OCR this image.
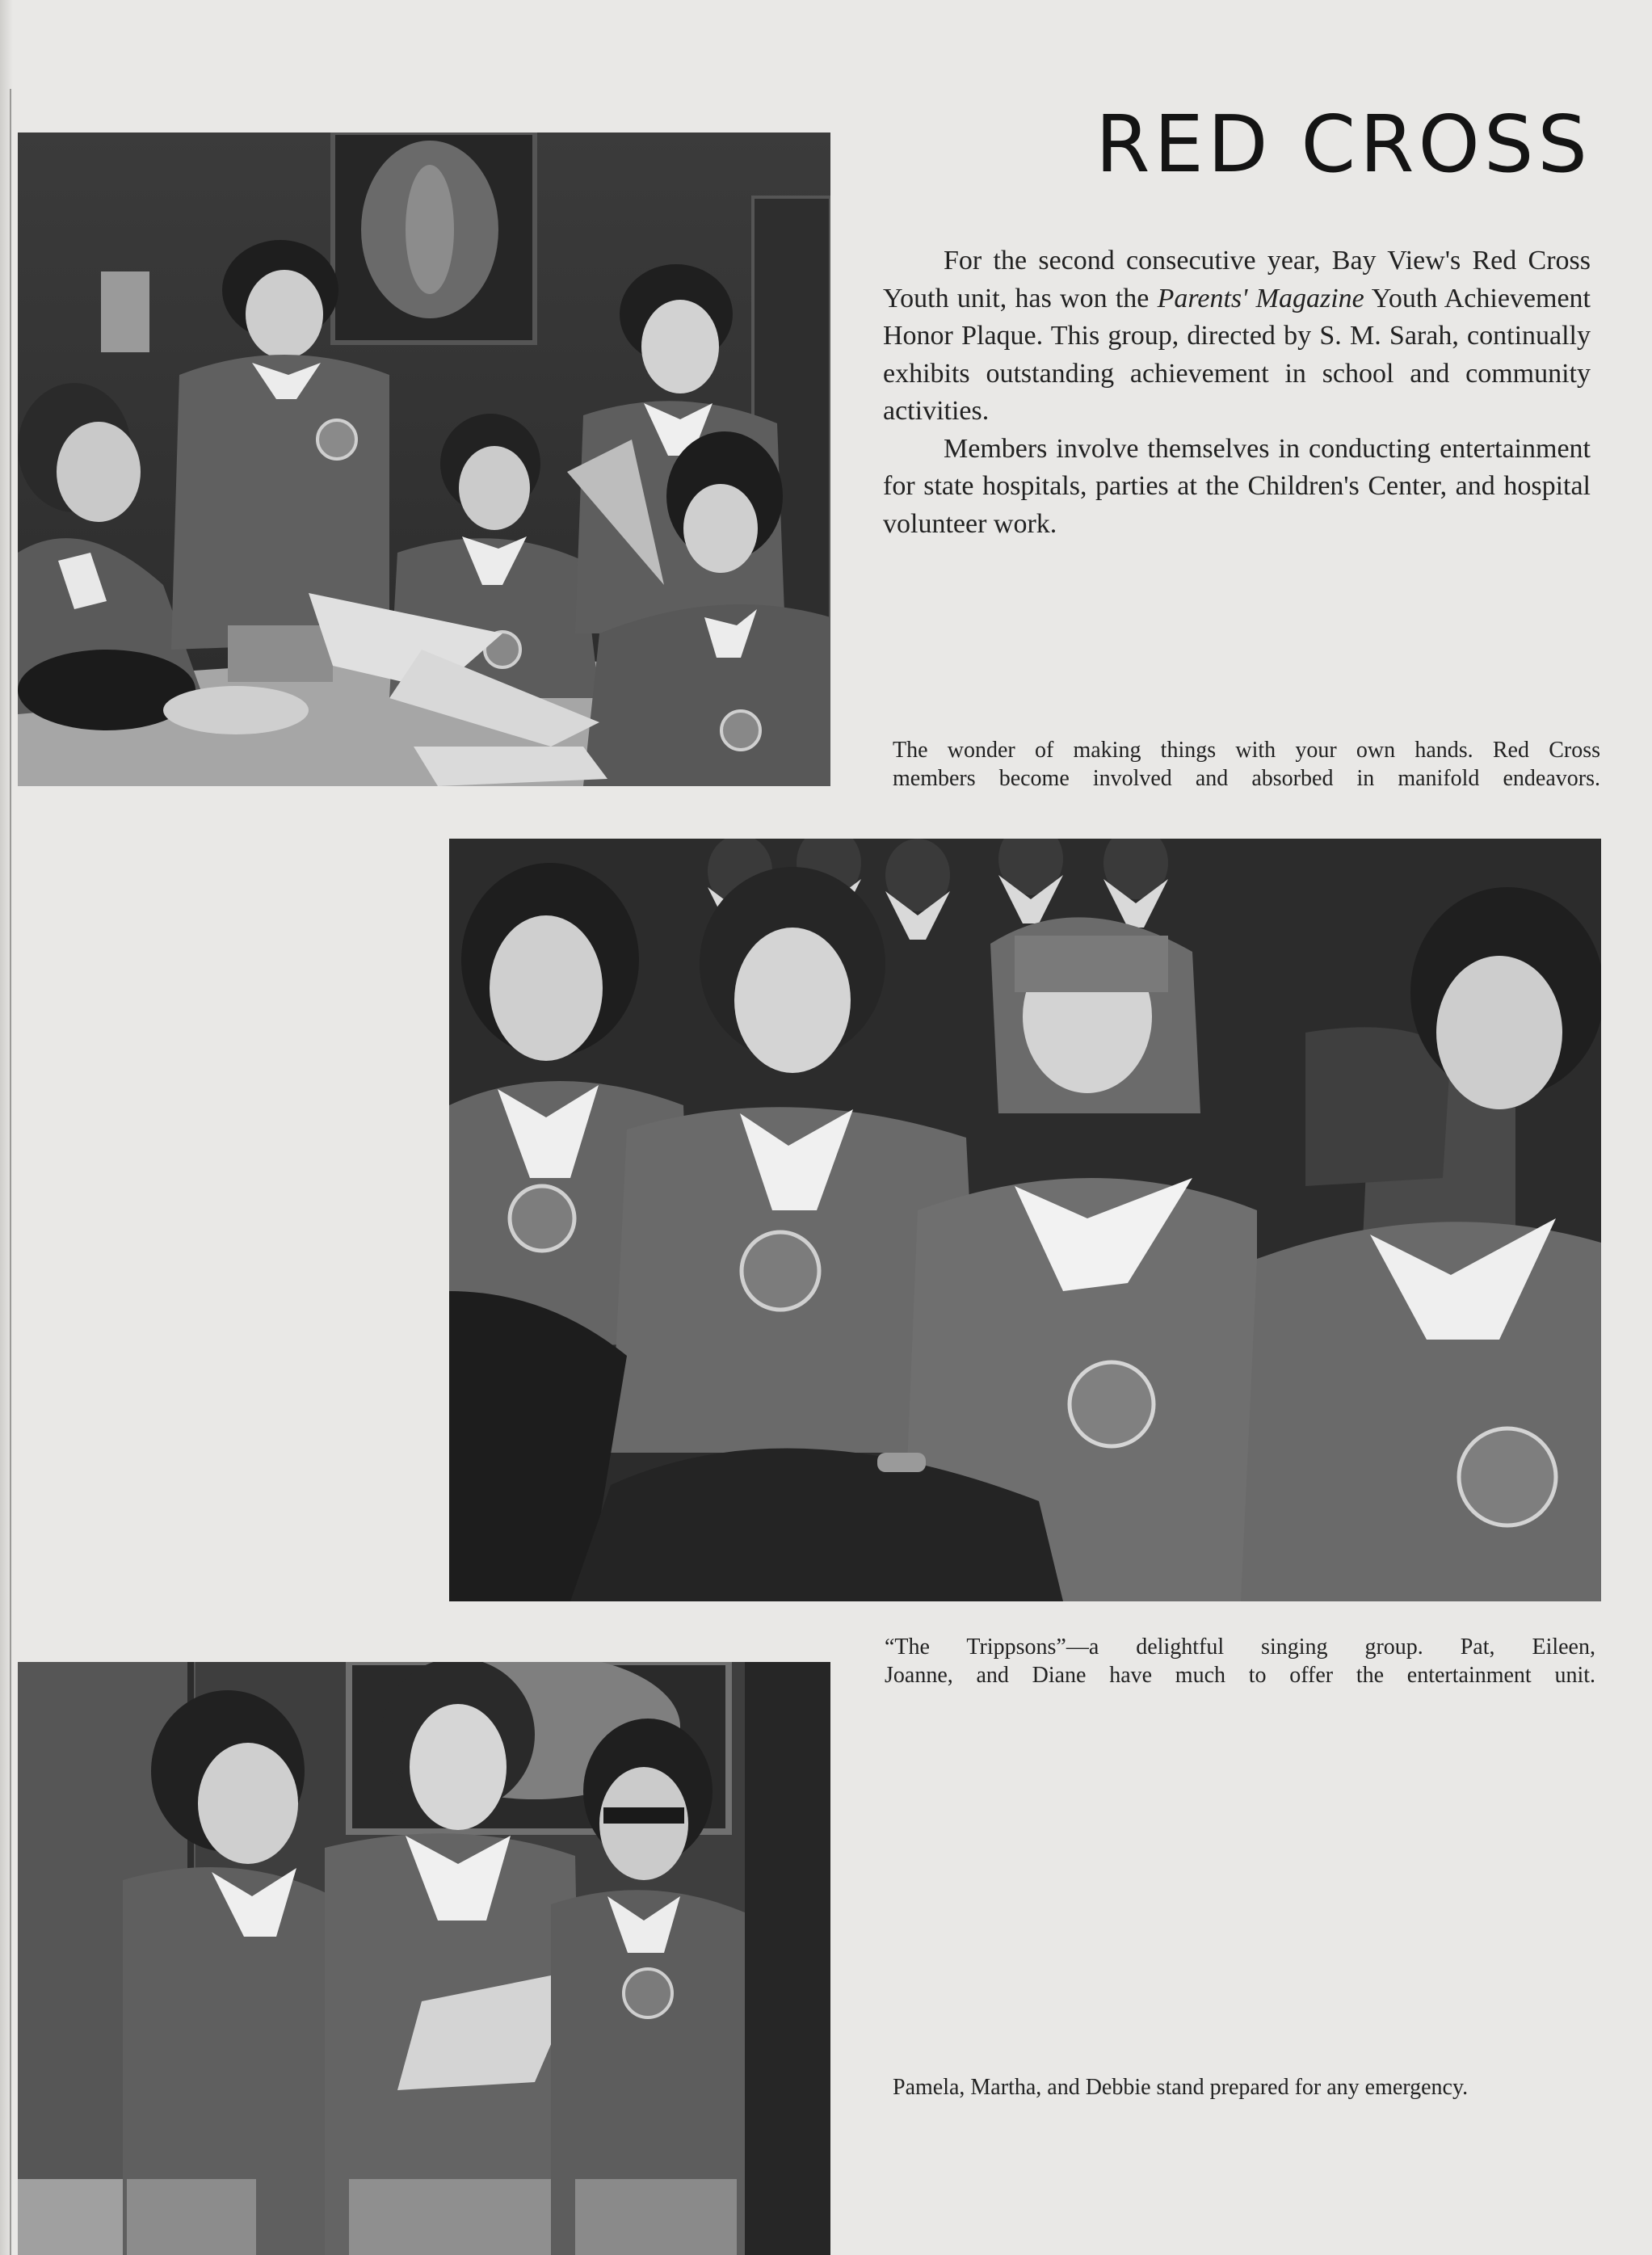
RED CROSS

For the second consecutive year, Bay View's Red Cross Youth unit, has won the Parents' Magazine Youth Achievement Honor Plaque. This group, directed by S. M. Sarah, continually exhibits outstanding achievement in school and community activities.

Members involve themselves in conducting entertainment for state hospitals, parties at the Children's Center, and hospital volunteer work.

The wonder of making things with your own hands. Red Cross
members become involved and absorbed in manifold endeavors.
“The Trippsons”—a delightful singing group. Pat, Eileen,
Joanne, and Diane have much to offer the entertainment unit.
Pamela, Martha, and Debbie stand prepared for any emergency.
